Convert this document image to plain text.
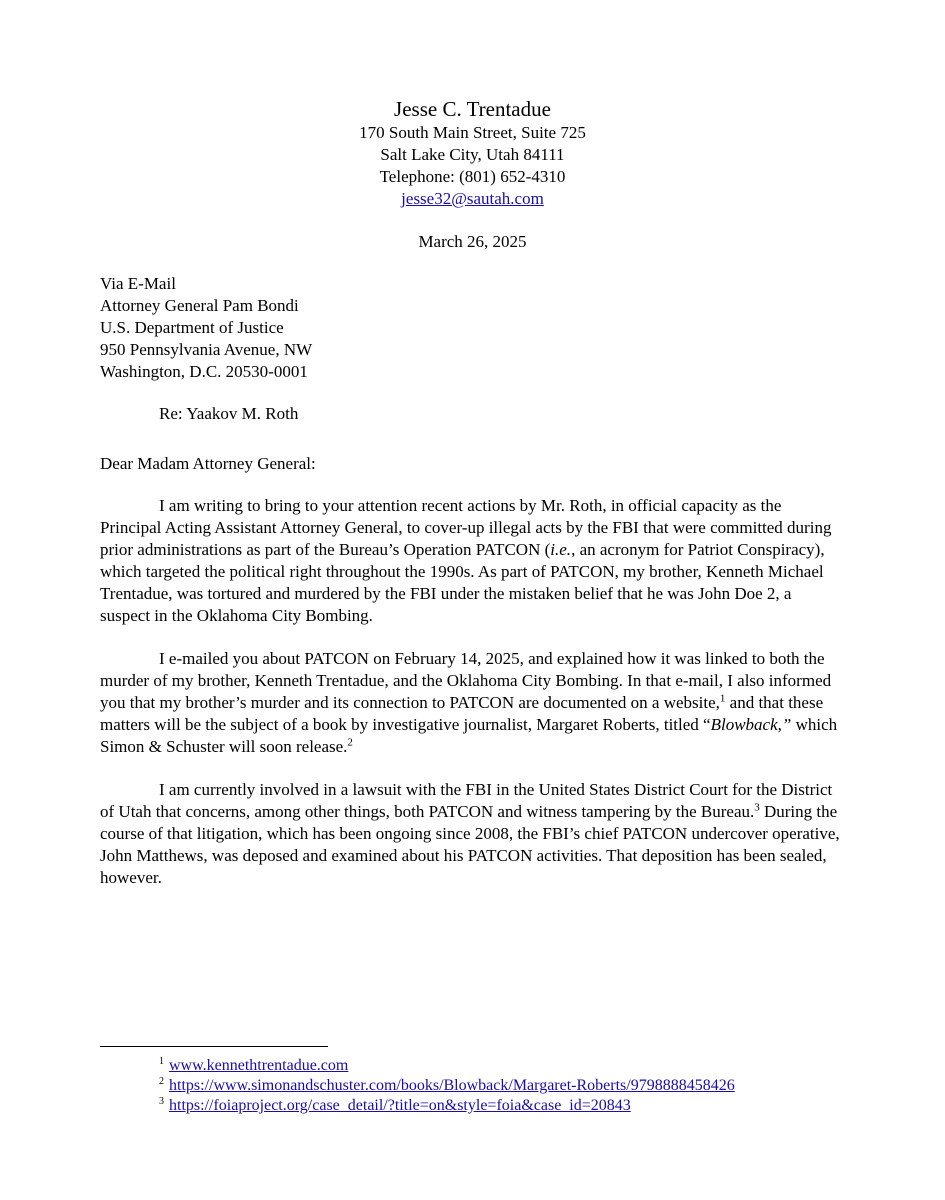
Jesse C. Trentadue
170 South Main Street, Suite 725
Salt Lake City, Utah 84111
Telephone: (801) 652-4310
jesse32@sautah.com
March 26, 2025
Via E-Mail
Attorney General Pam Bondi
U.S. Department of Justice
950 Pennsylvania Avenue, NW
Washington, D.C. 20530-0001
Re: Yaakov M. Roth
Dear Madam Attorney General:

I am writing to bring to your attention recent actions by Mr. Roth, in official capacity as the Principal Acting Assistant Attorney General, to cover-up illegal acts by the FBI that were committed during prior administrations as part of the Bureau’s Operation PATCON (i.e., an acronym for Patriot Conspiracy), which targeted the political right throughout the 1990s. As part of PATCON, my brother, Kenneth Michael Trentadue, was tortured and murdered by the FBI under the mistaken belief that he was John Doe 2, a suspect in the Oklahoma City Bombing.

I e-mailed you about PATCON on February 14, 2025, and explained how it was linked to both the murder of my brother, Kenneth Trentadue, and the Oklahoma City Bombing. In that e-mail, I also informed you that my brother’s murder and its connection to PATCON are documented on a website,$^1$ and that these matters will be the subject of a book by investigative journalist, Margaret Roberts, titled “Blowback,” which Simon & Schuster will soon release.$^2$

I am currently involved in a lawsuit with the FBI in the United States District Court for the District of Utah that concerns, among other things, both PATCON and witness tampering by the Bureau.$^3$ During the course of that litigation, which has been ongoing since 2008, the FBI’s chief PATCON undercover operative, John Matthews, was deposed and examined about his PATCON activities. That deposition has been sealed, however.

$^1$ www.kennethtrentadue.com
$^2$ https://www.simonandschuster.com/books/Blowback/Margaret-Roberts/9798888458426
$^3$ https://foiaproject.org/case_detail/?title=on&style=foia&case_id=20843
